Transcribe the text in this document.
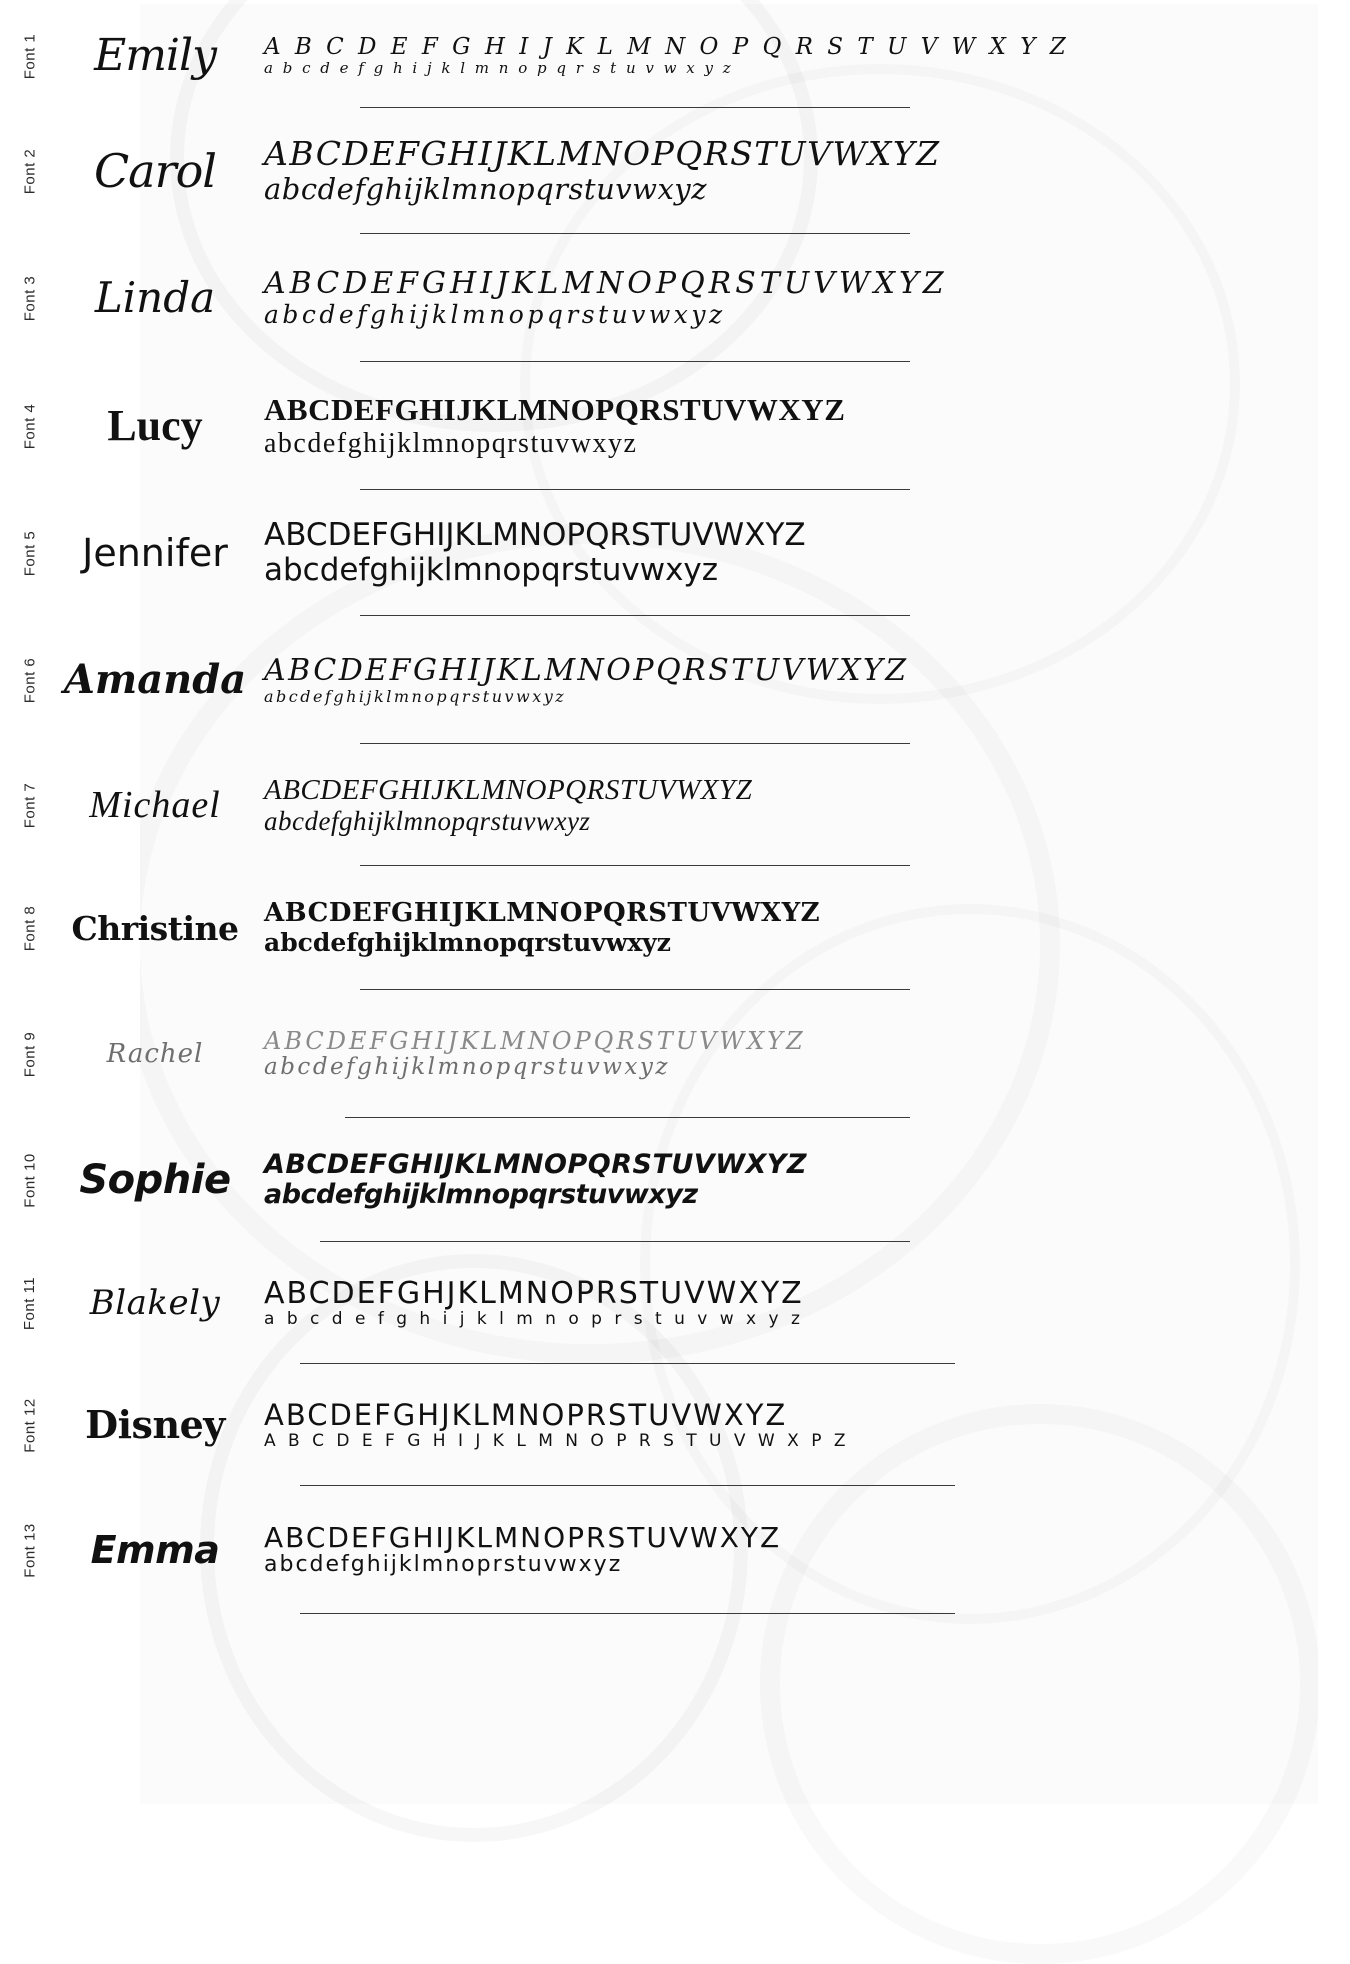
Font 1	Emily	A B C D E F G H I J K L M N O P Q R S T U V W X Y Z
a b c d e f g h i j k l m n o p q r s t u v w x y z
Font 2	Carol	ABCDEFGHIJKLMNOPQRSTUVWXYZ
abcdefghijklmnopqrstuvwxyz
Font 3	Linda	ABCDEFGHIJKLMNOPQRSTUVWXYZ
abcdefghijklmnopqrstuvwxyz
Font 4	Lucy	ABCDEFGHIJKLMNOPQRSTUVWXYZ
abcdefghijklmnopqrstuvwxyz
Font 5	Jennifer	ABCDEFGHIJKLMNOPQRSTUVWXYZ
abcdefghijklmnopqrstuvwxyz
Font 6 Amanda ABCDEFGHIJKLMNOPQRSTUVWXYZ
abcdefghijklmnopqrstuvwxyz
Font 7	Michael	ABCDEFGHIJKLMNOPQRSTUVWXYZ
abcdefghijklmnopqrstuvwxyz
Font 8 Christine ABCDEFGHIJKLMNOPQRSTUVWXYZ
abcdefghijklmnopqrstuvwxyz
Font 9	Rachel	ABCDEFGHIJKLMNOPQRSTUVWXYZ
abcdefghijklmnopqrstuvwxyz
Font 10	Sophie	ABCDEFGHIJKLMNOPQRSTUVWXYZ
abcdefghijklmnopqrstuvwxyz
Font 11	Blakely	ABCDEFGHJKLMNOPRSTUVWXYZ
a b c d e f g h i j k l m n o p r s t u v w x y z
Font 12	Disney	ABCDEFGHJKLMNOPRSTUVWXYZ
A B C D E F G H I J K L M N O P R S T U V W X P Z
Font 13	Emma	ABCDEFGHIJKLMNOPRSTUVWXYZ
abcdefghijklmnoprstuvwxyz
